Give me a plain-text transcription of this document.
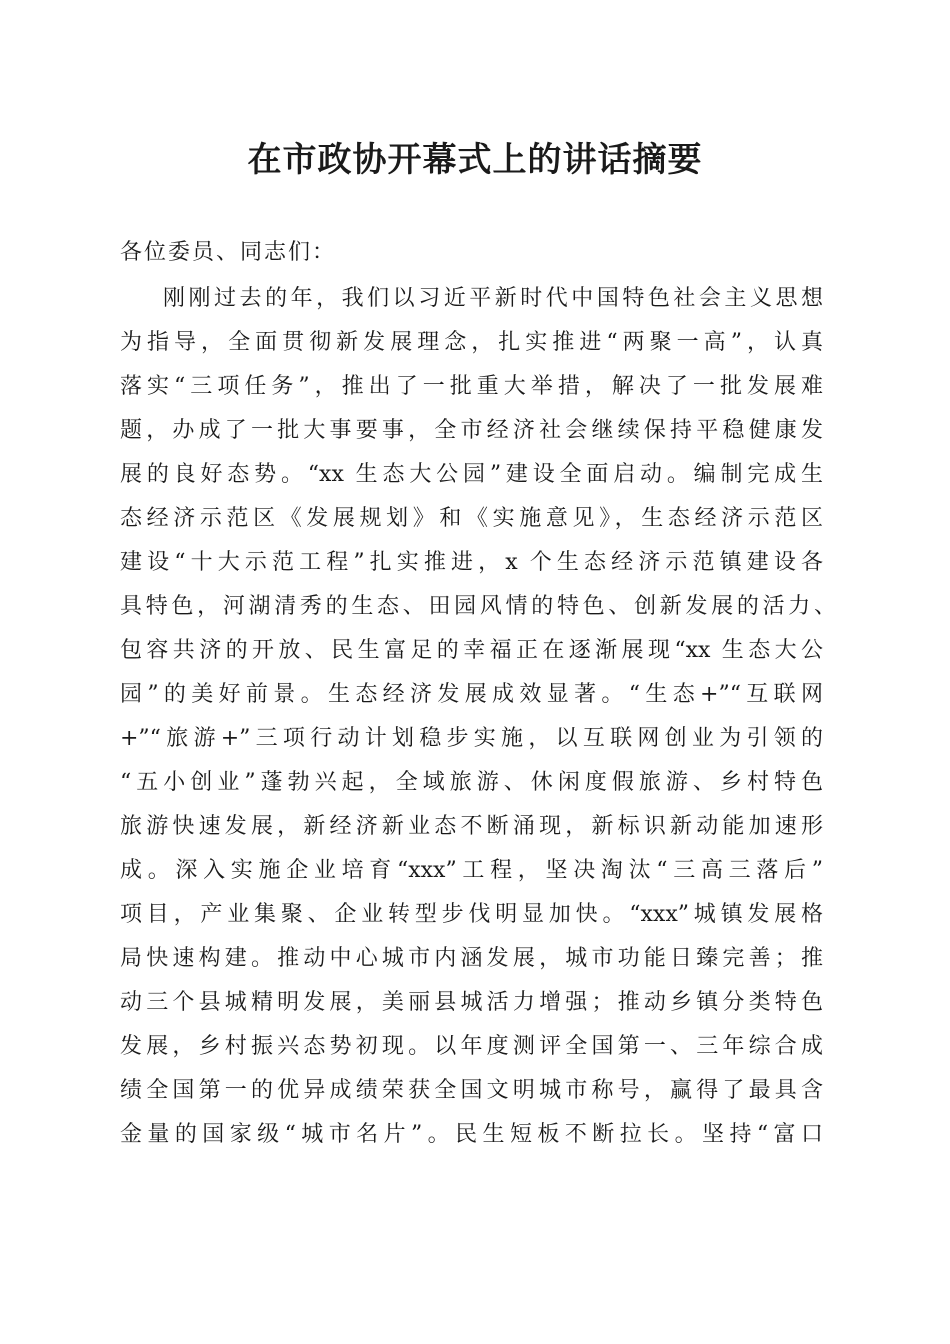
在市政协开幕式上的讲话摘要
各位委员、同志们：
刚刚过去的年，我们以习近平新时代中国特色社会主义思想
为指导，全面贯彻新发展理念，扎实推进“两聚一高”，认真
落实“三项任务”，推出了一批重大举措，解决了一批发展难
题，办成了一批大事要事，全市经济社会继续保持平稳健康发
展的良好态势。“xx 生态大公园”建设全面启动。编制完成生
态经济示范区《发展规划》和《实施意见》，生态经济示范区
建设“十大示范工程”扎实推进，x 个生态经济示范镇建设各
具特色，河湖清秀的生态、田园风情的特色、创新发展的活力、
包容共济的开放、民生富足的幸福正在逐渐展现“xx 生态大公
园”的美好前景。生态经济发展成效显著。“生态+”“互联网
+”“旅游+”三项行动计划稳步实施，以互联网创业为引领的
“五小创业”蓬勃兴起，全域旅游、休闲度假旅游、乡村特色
旅游快速发展，新经济新业态不断涌现，新标识新动能加速形
成。深入实施企业培育“xxx”工程，坚决淘汰“三高三落后”
项目，产业集聚、企业转型步伐明显加快。“xxx”城镇发展格
局快速构建。推动中心城市内涵发展，城市功能日臻完善；推
动三个县城精明发展，美丽县城活力增强；推动乡镇分类特色
发展，乡村振兴态势初现。以年度测评全国第一、三年综合成
绩全国第一的优异成绩荣获全国文明城市称号，赢得了最具含
金量的国家级“城市名片”。民生短板不断拉长。坚持“富口
